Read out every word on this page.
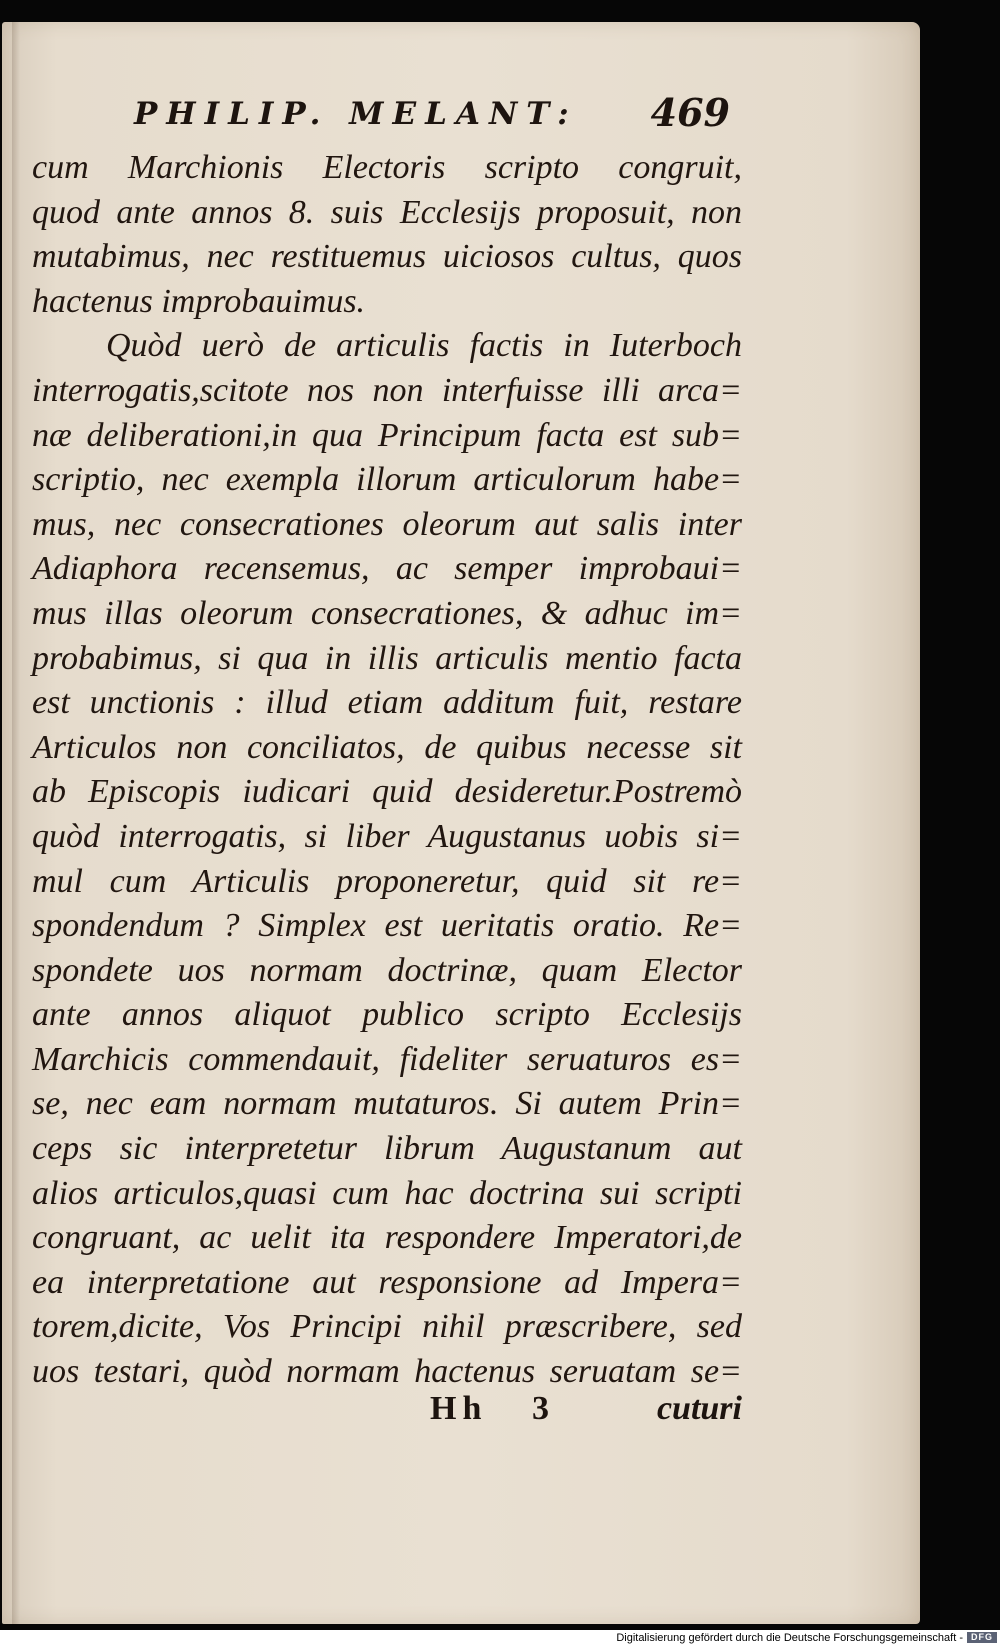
PHILIP. MELANT: 469
cum Marchionis Electoris scripto congruit,
quod ante annos 8. suis Ecclesijs proposuit, non
mutabimus, nec restituemus uiciosos cultus, quos
hactenus improbauimus.
Quòd uerò de articulis factis in Iuterboch
interrogatis,scitote nos non interfuisse illi arca=
næ deliberationi,in qua Principum facta est sub=
scriptio, nec exempla illorum articulorum habe=
mus, nec consecrationes oleorum aut salis inter
Adiaphora recensemus, ac semper improbaui=
mus illas oleorum consecrationes, & adhuc im=
probabimus, si qua in illis articulis mentio facta
est unctionis : illud etiam additum fuit, restare
Articulos non conciliatos, de quibus necesse sit
ab Episcopis iudicari quid desideretur.Postremò
quòd interrogatis, si liber Augustanus uobis si=
mul cum Articulis proponeretur, quid sit re=
spondendum ? Simplex est ueritatis oratio. Re=
spondete uos normam doctrinæ, quam Elector
ante annos aliquot publico scripto Ecclesijs
Marchicis commendauit, fideliter seruaturos es=
se, nec eam normam mutaturos. Si autem Prin=
ceps sic interpretetur librum Augustanum aut
alios articulos,quasi cum hac doctrina sui scripti
congruant, ac uelit ita respondere Imperatori,de
ea interpretatione aut responsione ad Impera=
torem,dicite, Vos Principi nihil præscribere, sed
uos testari, quòd normam hactenus seruatam se=
Hh 3	cuturi
Digitalisierung gefördert durch die Deutsche Forschungsgemeinschaft - DFG
